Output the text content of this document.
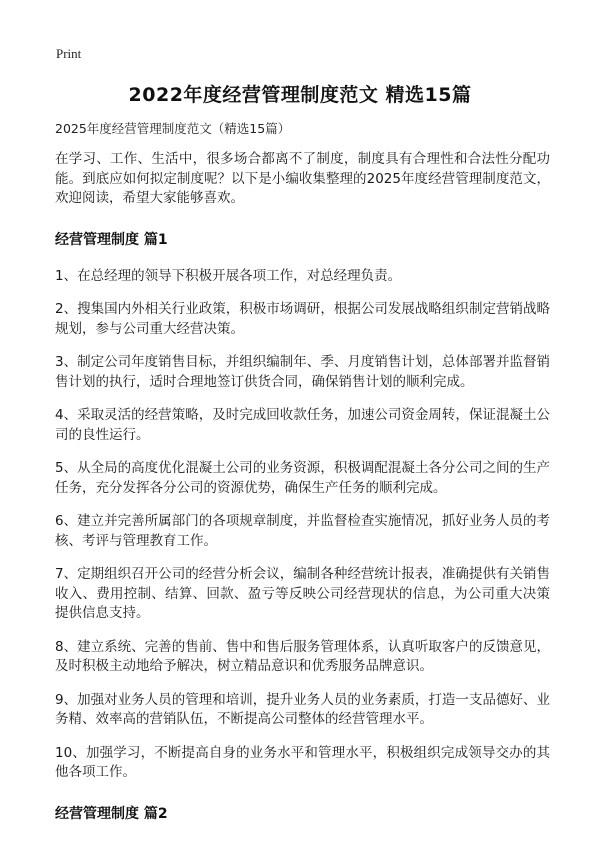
Print
2022年度经营管理制度范文 精选15篇

2025年度经营管理制度范文（精选15篇）

在学习、工作、生活中，很多场合都离不了制度，制度具有合理性和合法性分配功能。到底应如何拟定制度呢？以下是小编收集整理的2025年度经营管理制度范文，欢迎阅读，希望大家能够喜欢。

经营管理制度 篇1

1、在总经理的领导下积极开展各项工作，对总经理负责。

2、搜集国内外相关行业政策，积极市场调研，根据公司发展战略组织制定营销战略规划，参与公司重大经营决策。

3、制定公司年度销售目标，并组织编制年、季、月度销售计划，总体部署并监督销售计划的执行，适时合理地签订供货合同，确保销售计划的顺利完成。

4、采取灵活的经营策略，及时完成回收款任务，加速公司资金周转，保证混凝土公司的良性运行。

5、从全局的高度优化混凝土公司的业务资源，积极调配混凝土各分公司之间的生产任务，充分发挥各分公司的资源优势，确保生产任务的顺利完成。

6、建立并完善所属部门的各项规章制度，并监督检查实施情况，抓好业务人员的考核、考评与管理教育工作。

7、定期组织召开公司的经营分析会议，编制各种经营统计报表，准确提供有关销售收入、费用控制、结算、回款、盈亏等反映公司经营现状的信息，为公司重大决策提供信息支持。

8、建立系统、完善的售前、售中和售后服务管理体系，认真听取客户的反馈意见，及时积极主动地给予解决，树立精品意识和优秀服务品牌意识。

9、加强对业务人员的管理和培训，提升业务人员的业务素质，打造一支品德好、业务精、效率高的营销队伍，不断提高公司整体的经营管理水平。

10、加强学习，不断提高自身的业务水平和管理水平，积极组织完成领导交办的其他各项工作。

经营管理制度 篇2
